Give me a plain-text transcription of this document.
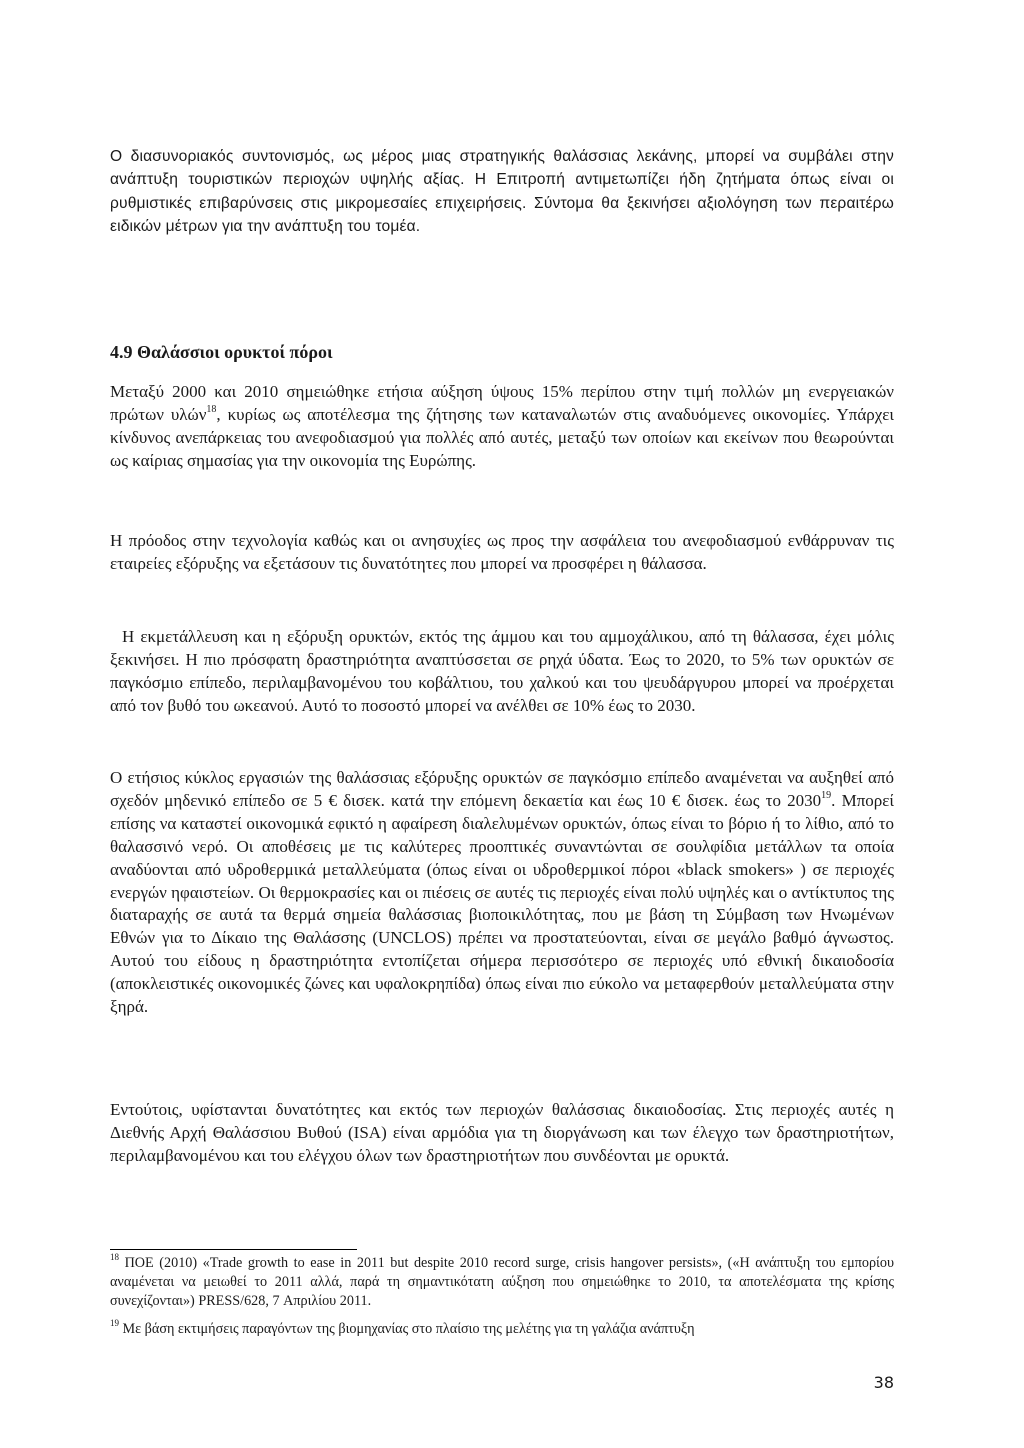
Ο διασυνοριακός συντονισμός, ως μέρος μιας στρατηγικής θαλάσσιας λεκάνης, μπορεί να συμβάλει στην ανάπτυξη τουριστικών περιοχών υψηλής αξίας. Η Επιτροπή αντιμετωπίζει ήδη ζητήματα όπως είναι οι ρυθμιστικές επιβαρύνσεις στις μικρομεσαίες επιχειρήσεις. Σύντομα θα ξεκινήσει αξιολόγηση των περαιτέρω ειδικών μέτρων για την ανάπτυξη του τομέα.

4.9 Θαλάσσιοι ορυκτοί πόροι

Μεταξύ 2000 και 2010 σημειώθηκε ετήσια αύξηση ύψους 15% περίπου στην τιμή πολλών μη ενεργειακών πρώτων υλών$^{18}$, κυρίως ως αποτέλεσμα της ζήτησης των καταναλωτών στις αναδυόμενες οικονομίες. Υπάρχει κίνδυνος ανεπάρκειας του ανεφοδιασμού για πολλές από αυτές, μεταξύ των οποίων και εκείνων που θεωρούνται ως καίριας σημασίας για την οικονομία της Ευρώπης.

Η πρόοδος στην τεχνολογία καθώς και οι ανησυχίες ως προς την ασφάλεια του ανεφοδιασμού ενθάρρυναν τις εταιρείες εξόρυξης να εξετάσουν τις δυνατότητες που μπορεί να προσφέρει η θάλασσα.

Η εκμετάλλευση και η εξόρυξη ορυκτών, εκτός της άμμου και του αμμοχάλικου, από τη θάλασσα, έχει μόλις ξεκινήσει. Η πιο πρόσφατη δραστηριότητα αναπτύσσεται σε ρηχά ύδατα. Έως το 2020, το 5% των ορυκτών σε παγκόσμιο επίπεδο, περιλαμβανομένου του κοβάλτιου, του χαλκού και του ψευδάργυρου μπορεί να προέρχεται από τον βυθό του ωκεανού. Αυτό το ποσοστό μπορεί να ανέλθει σε 10% έως το 2030.

Ο ετήσιος κύκλος εργασιών της θαλάσσιας εξόρυξης ορυκτών σε παγκόσμιο επίπεδο αναμένεται να αυξηθεί από σχεδόν μηδενικό επίπεδο σε 5 € δισεκ. κατά την επόμενη δεκαετία και έως 10 € δισεκ. έως το 2030$^{19}$. Μπορεί επίσης να καταστεί οικονομικά εφικτό η αφαίρεση διαλελυμένων ορυκτών, όπως είναι το βόριο ή το λίθιο, από το θαλασσινό νερό. Οι αποθέσεις με τις καλύτερες προοπτικές συναντώνται σε σουλφίδια μετάλλων τα οποία αναδύονται από υδροθερμικά μεταλλεύματα (όπως είναι οι υδροθερμικοί πόροι «black smokers» ) σε περιοχές ενεργών ηφαιστείων. Οι θερμοκρασίες και οι πιέσεις σε αυτές τις περιοχές είναι πολύ υψηλές και ο αντίκτυπος της διαταραχής σε αυτά τα θερμά σημεία θαλάσσιας βιοποικιλότητας, που με βάση τη Σύμβαση των Ηνωμένων Εθνών για το Δίκαιο της Θαλάσσης (UNCLOS) πρέπει να προστατεύονται, είναι σε μεγάλο βαθμό άγνωστος. Αυτού του είδους η δραστηριότητα εντοπίζεται σήμερα περισσότερο σε περιοχές υπό εθνική δικαιοδοσία (αποκλειστικές οικονομικές ζώνες και υφαλοκρηπίδα) όπως είναι πιο εύκολο να μεταφερθούν μεταλλεύματα στην ξηρά.

Εντούτοις, υφίστανται δυνατότητες και εκτός των περιοχών θαλάσσιας δικαιοδοσίας. Στις περιοχές αυτές η Διεθνής Αρχή Θαλάσσιου Βυθού (ISA) είναι αρμόδια για τη διοργάνωση και των έλεγχο των δραστηριοτήτων, περιλαμβανομένου και του ελέγχου όλων των δραστηριοτήτων που συνδέονται με ορυκτά.

$^{18}$ ΠΟΕ (2010) «Trade growth to ease in 2011 but despite 2010 record surge, crisis hangover persists», («Η ανάπτυξη του εμπορίου αναμένεται να μειωθεί το 2011 αλλά, παρά τη σημαντικότατη αύξηση που σημειώθηκε το 2010, τα αποτελέσματα της κρίσης συνεχίζονται») PRESS/628, 7 Απριλίου 2011.

$^{19}$ Με βάση εκτιμήσεις παραγόντων της βιομηχανίας στο πλαίσιο της μελέτης για τη γαλάζια ανάπτυξη

38
